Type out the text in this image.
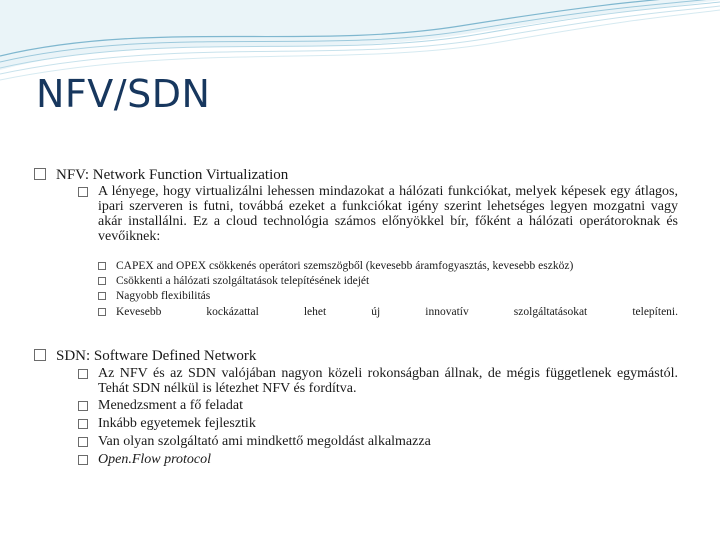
NFV/SDN
NFV: Network Function Virtualization
A lényege, hogy virtualizálni lehessen mindazokat a hálózati funkciókat, melyek képesek egy átlagos, ipari szerveren is futni, továbbá ezeket a funkciókat igény szerint lehetséges legyen mozgatni vagy akár installálni. Ez a cloud technológia számos előnyökkel bír, főként a hálózati operátoroknak és vevőiknek:
CAPEX and OPEX csökkenés operátori szemszögből (kevesebb áramfogyasztás, kevesebb eszköz)
Csökkenti a hálózati szolgáltatások telepítésének idejét
Nagyobb flexibilitás
Kevesebb kockázattal lehet új innovatív szolgáltatásokat telepíteni.
SDN: Software Defined Network
Az NFV és az SDN valójában nagyon közeli rokonságban állnak, de mégis függetlenek egymástól. Tehát SDN nélkül is létezhet NFV és fordítva.
Menedzsment a fő feladat
Inkább egyetemek fejlesztik
Van olyan szolgáltató ami mindkettő megoldást alkalmazza
Open.Flow protocol
